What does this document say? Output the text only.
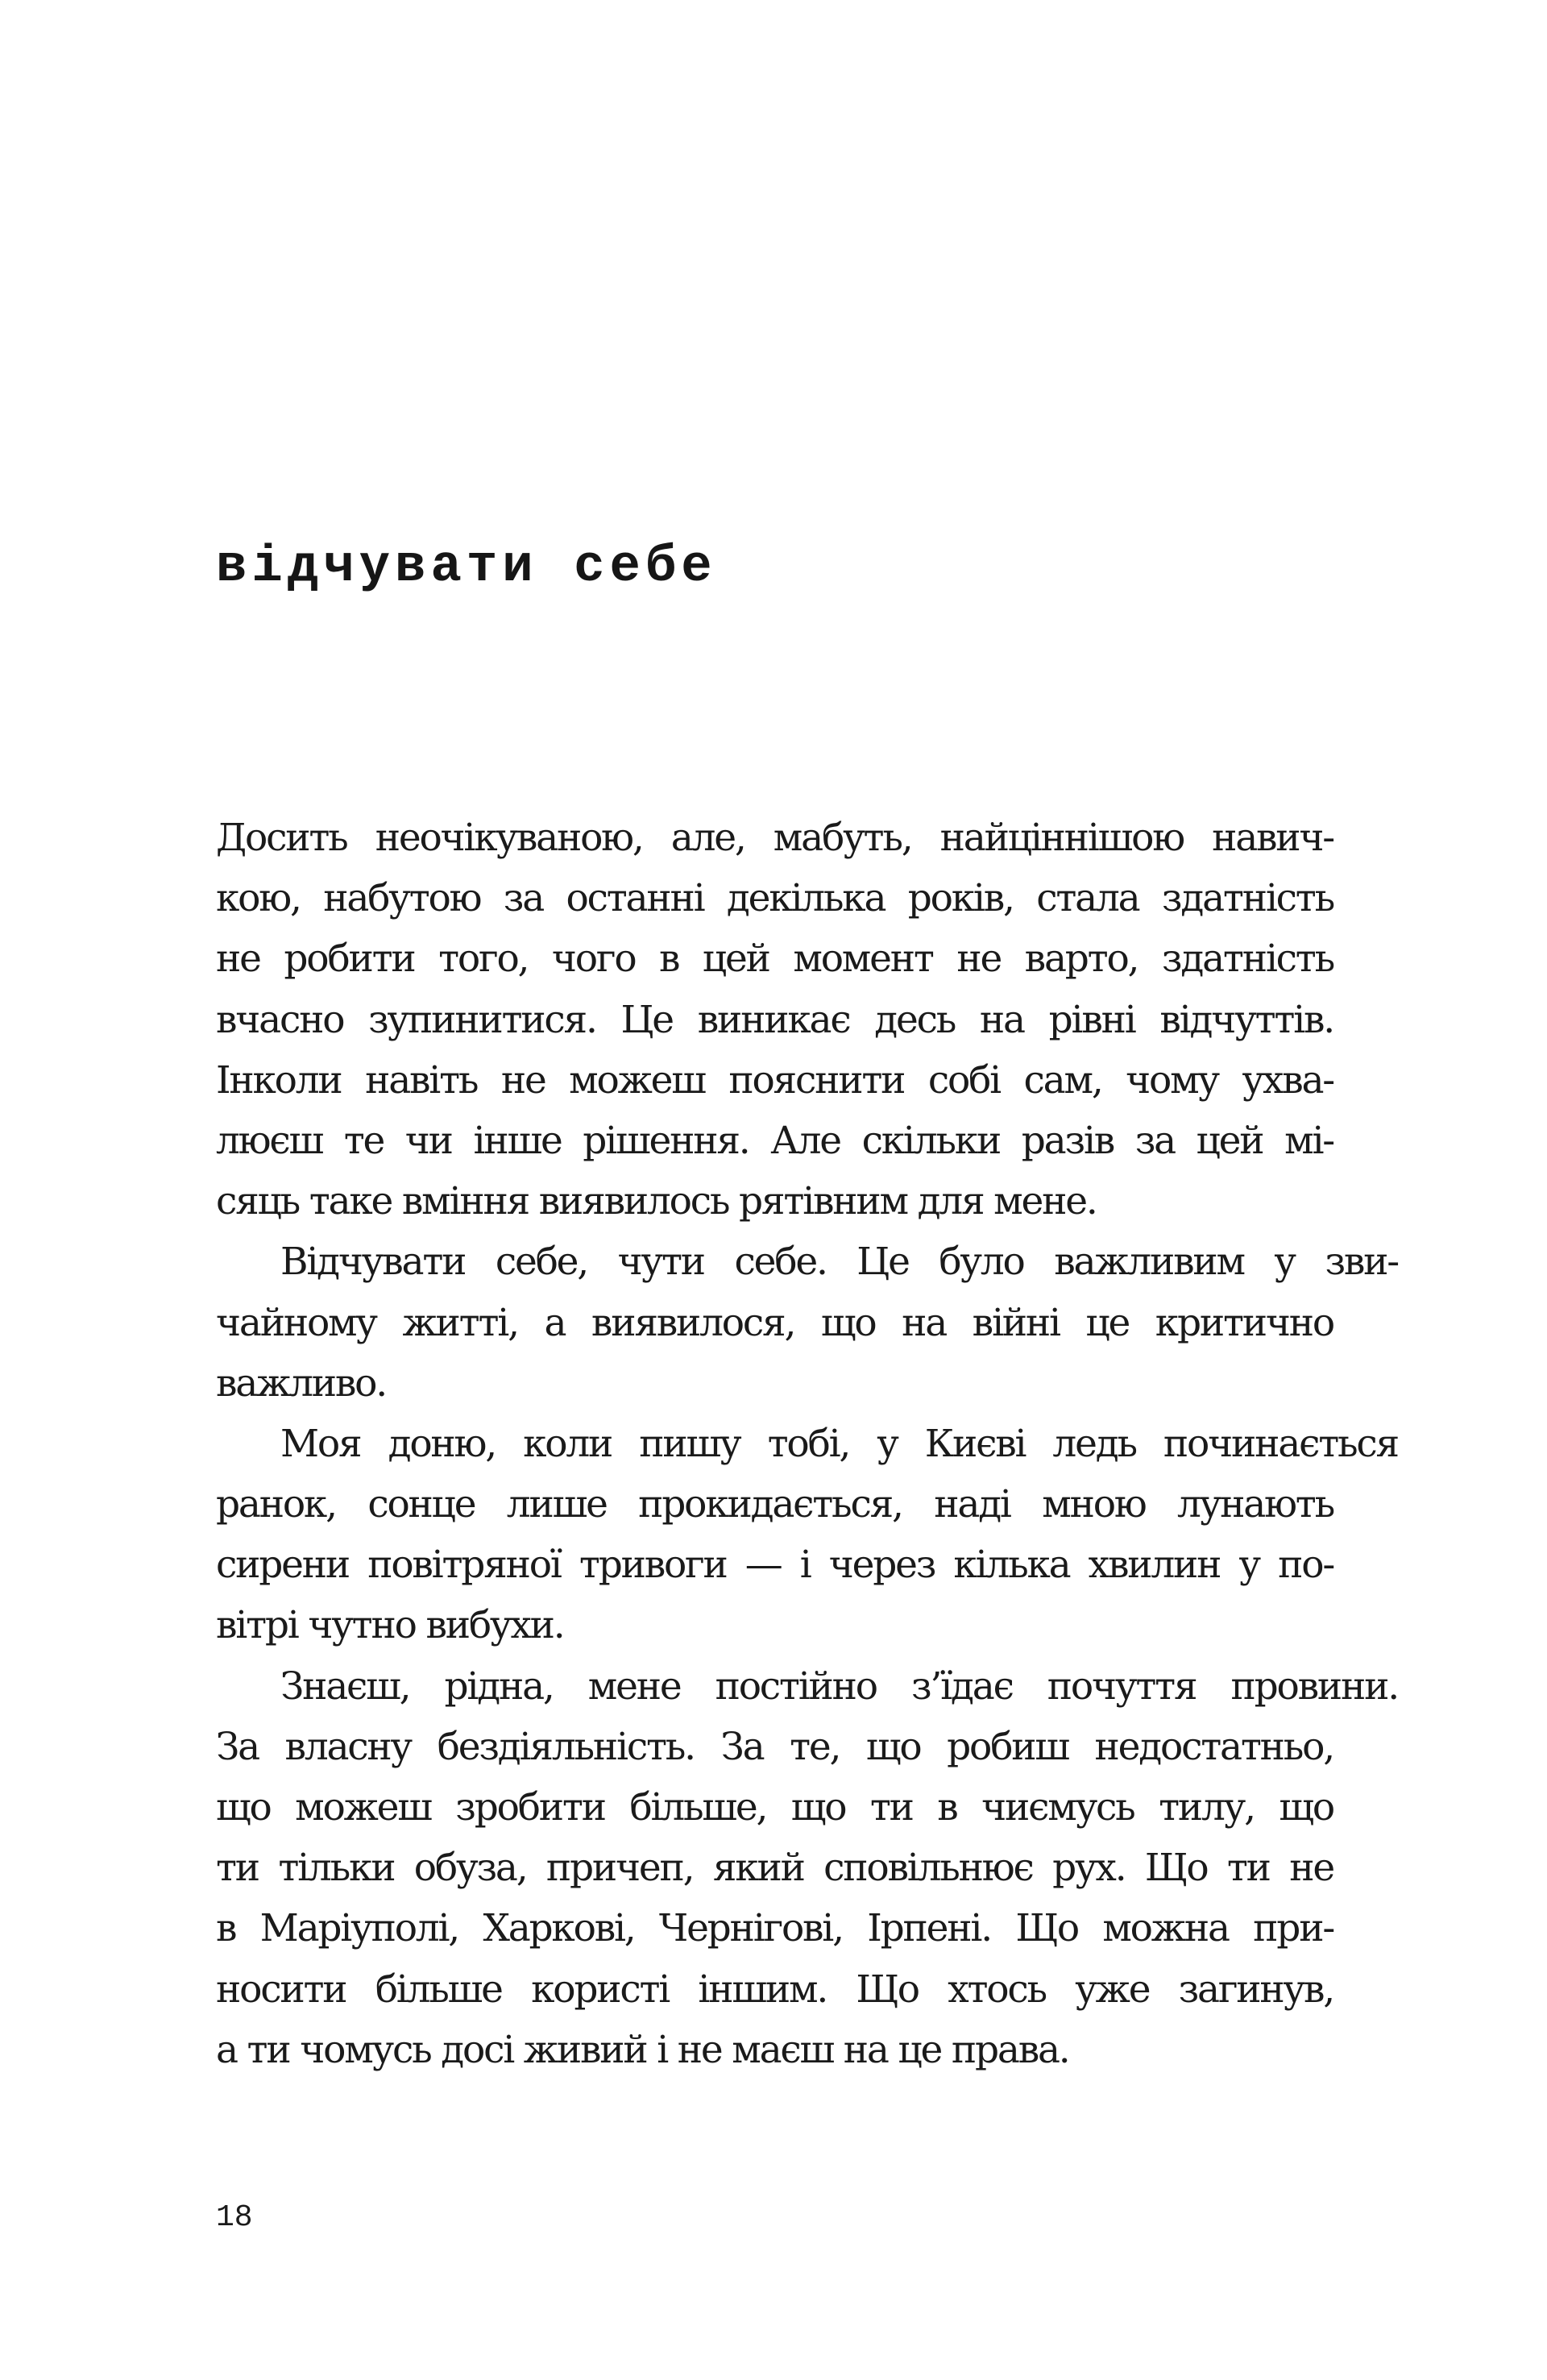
відчувати себе
Досить неочікуваною, але, мабуть, найціннішою навич-
кою, набутою за останні декілька років, стала здатність
не робити того, чого в цей момент не варто, здатність
вчасно зупинитися. Це виникає десь на рівні відчуттів.
Інколи навіть не можеш пояснити собі сам, чому ухва-
люєш те чи інше рішення. Але скільки разів за цей мі-
сяць таке вміння виявилось рятівним для мене.
Відчувати себе, чути себе. Це було важливим у зви-
чайному житті, а виявилося, що на війні це критично
важливо.
Моя доню, коли пишу тобі, у Києві ледь починається
ранок, сонце лише прокидається, наді мною лунають
сирени повітряної тривоги — і через кілька хвилин у по-
вітрі чутно вибухи.
Знаєш, рідна, мене постійно з’їдає почуття провини.
За власну бездіяльність. За те, що робиш недостатньо,
що можеш зробити більше, що ти в чиємусь тилу, що
ти тільки обуза, причеп, який сповільнює рух. Що ти не
в Маріуполі, Харкові, Чернігові, Ірпені. Що можна при-
носити більше користі іншим. Що хтось уже загинув,
а ти чомусь досі живий і не маєш на це права.
18
